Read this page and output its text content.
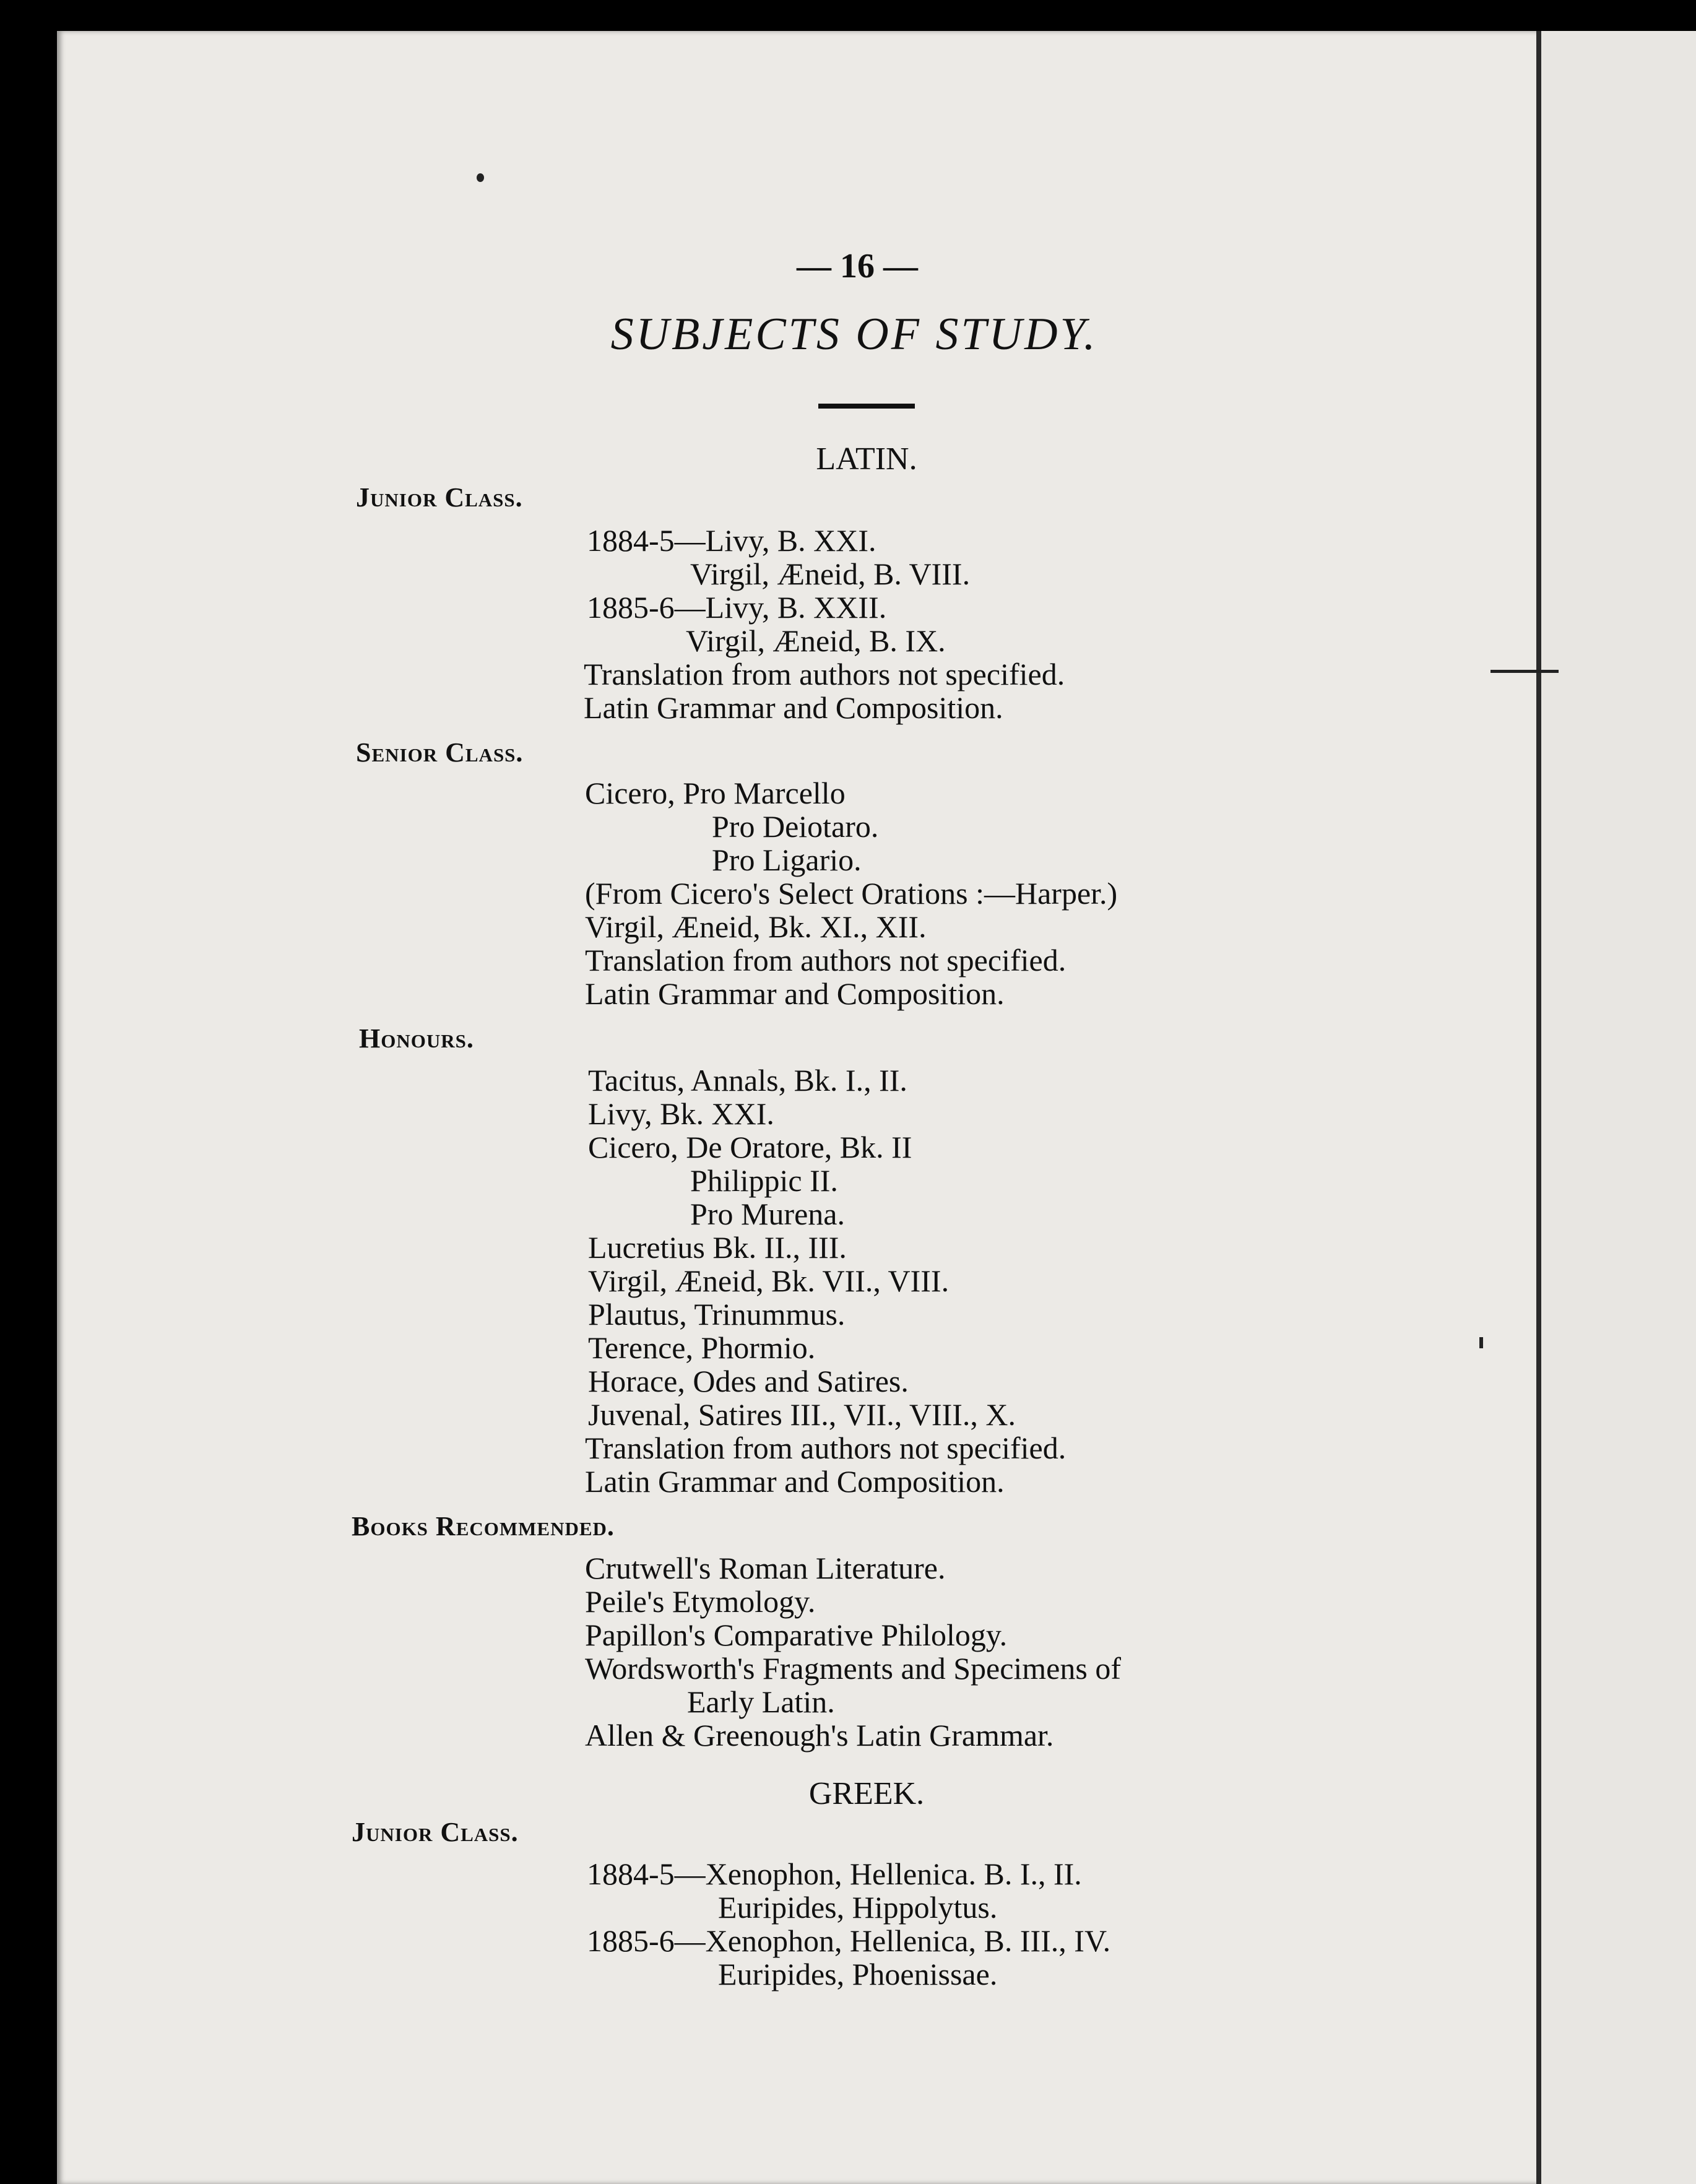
— 16 —
SUBJECTS OF STUDY.
LATIN.
Junior Class.
1884-5—Livy, B. XXI.
Virgil, Æneid, B. VIII.
1885-6—Livy, B. XXII.
Virgil, Æneid, B. IX.
Translation from authors not specified.
Latin Grammar and Composition.
Senior Class.
Cicero, Pro Marcello
Pro Deiotaro.
Pro Ligario.
(From Cicero's Select Orations :—Harper.)
Virgil, Æneid, Bk. XI., XII.
Translation from authors not specified.
Latin Grammar and Composition.
Honours.
Tacitus, Annals, Bk. I., II.
Livy, Bk. XXI.
Cicero, De Oratore, Bk. II
Philippic II.
Pro Murena.
Lucretius Bk. II., III.
Virgil, Æneid, Bk. VII., VIII.
Plautus, Trinummus.
Terence, Phormio.
Horace, Odes and Satires.
Juvenal, Satires III., VII., VIII., X.
Translation from authors not specified.
Latin Grammar and Composition.
Books Recommended.
Crutwell's Roman Literature.
Peile's Etymology.
Papillon's Comparative Philology.
Wordsworth's Fragments and Specimens of
Early Latin.
Allen & Greenough's Latin Grammar.
GREEK.
Junior Class.
1884-5—Xenophon, Hellenica. B. I., II.
Euripides, Hippolytus.
1885-6—Xenophon, Hellenica, B. III., IV.
Euripides, Phoenissae.
